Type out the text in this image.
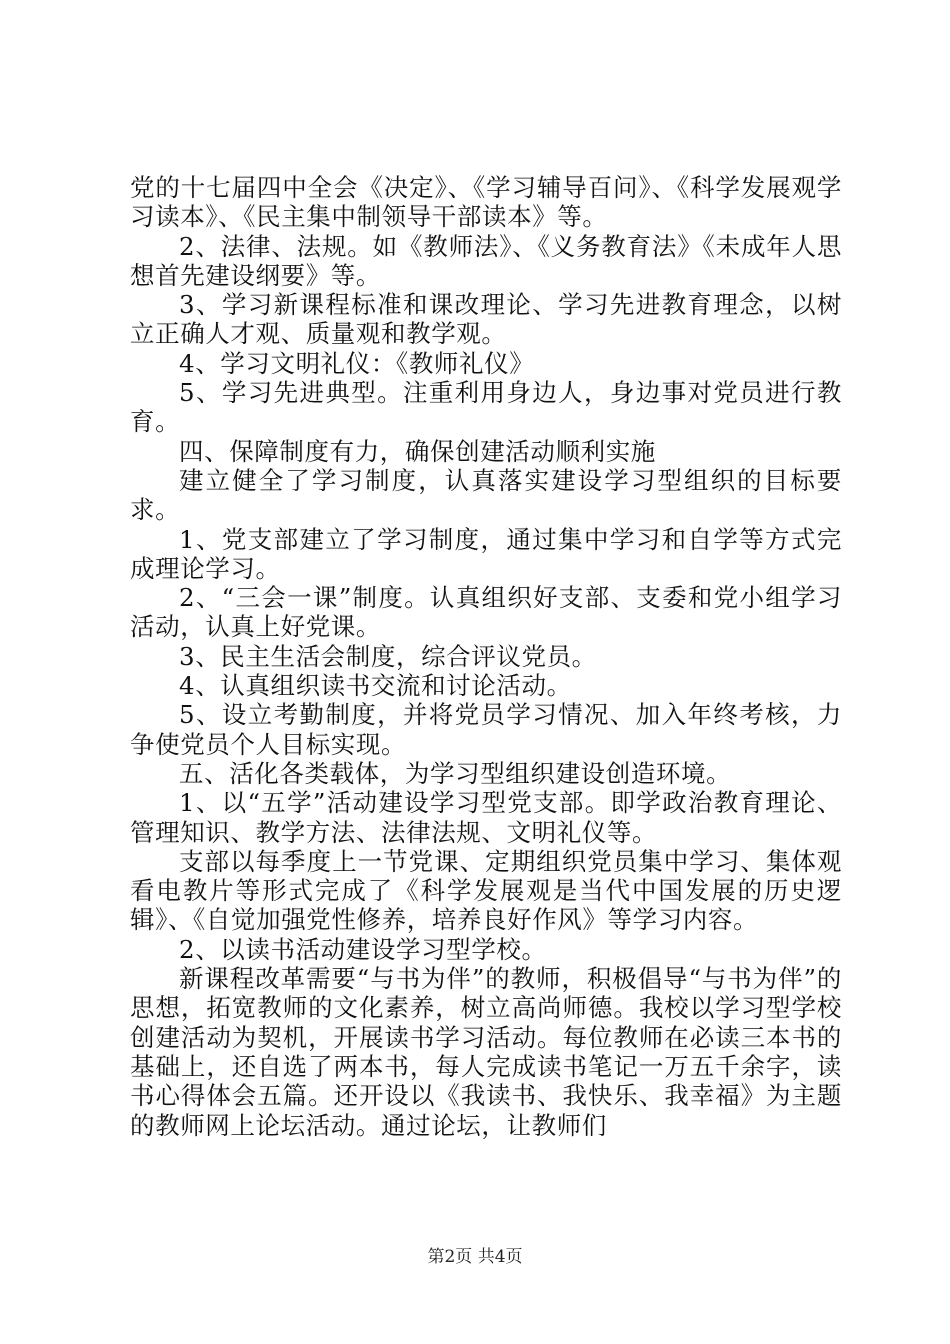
党的十七届四中全会《决定》、《学习辅导百问》、《科学发展观学习读本》、《民主集中制领导干部读本》等。

2、法律、法规。如《教师法》、《义务教育法》《未成年人思想首先建设纲要》等。

3、学习新课程标准和课改理论、学习先进教育理念，以树立正确人才观、质量观和教学观。

4、学习文明礼仪：《教师礼仪》

5、学习先进典型。注重利用身边人，身边事对党员进行教育。

四、保障制度有力，确保创建活动顺利实施

建立健全了学习制度，认真落实建设学习型组织的目标要求。

1、党支部建立了学习制度，通过集中学习和自学等方式完成理论学习。

2、“三会一课”制度。认真组织好支部、支委和党小组学习活动，认真上好党课。

3、民主生活会制度，综合评议党员。

4、认真组织读书交流和讨论活动。

5、设立考勤制度，并将党员学习情况、加入年终考核，力争使党员个人目标实现。

五、活化各类载体，为学习型组织建设创造环境。

1、以“五学”活动建设学习型党支部。即学政治教育理论、管理知识、教学方法、法律法规、文明礼仪等。

支部以每季度上一节党课、定期组织党员集中学习、集体观看电教片等形式完成了《科学发展观是当代中国发展的历史逻辑》、《自觉加强党性修养，培养良好作风》等学习内容。

2、以读书活动建设学习型学校。

新课程改革需要“与书为伴”的教师，积极倡导“与书为伴”的思想，拓宽教师的文化素养，树立高尚师德。我校以学习型学校创建活动为契机，开展读书学习活动。每位教师在必读三本书的基础上，还自选了两本书，每人完成读书笔记一万五千余字，读书心得体会五篇。还开设以《我读书、我快乐、我幸福》为主题的教师网上论坛活动。通过论坛，让教师们

第2页 共4页
